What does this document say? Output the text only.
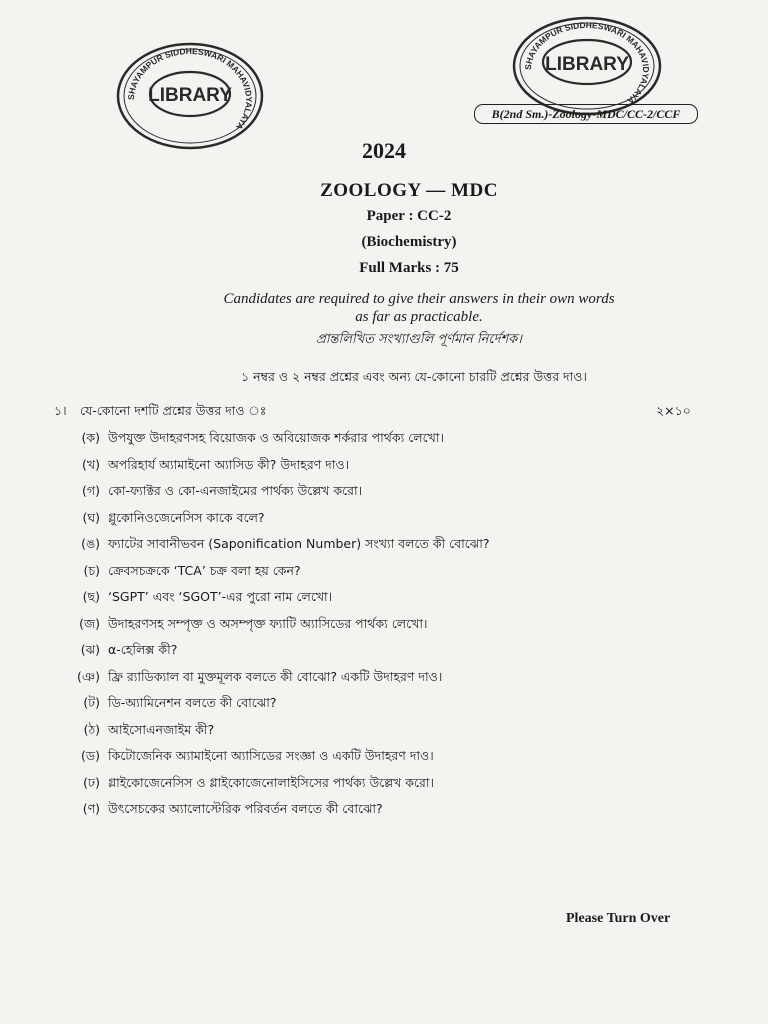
SHAYAMPUR SIDDHESWARI MAHAVIDYALAYA
LIBRARY
SHAYAMPUR SIDDHESWARI MAHAVIDYALAYA
LIBRARY
B(2nd Sm.)-Zoology-MDC/CC-2/CCF
2024
ZOOLOGY — MDC
Paper : CC-2
(Biochemistry)
Full Marks : 75
Candidates are required to give their answers in their own words
as far as practicable.
প্রান্তলিখিত সংখ্যাগুলি পূর্ণমান নির্দেশক।
১ নম্বর ও ২ নম্বর প্রশ্নের এবং অন্য যে-কোনো চারটি প্রশ্নের উত্তর দাও।
১। যে-কোনো দশটি প্রশ্নের উত্তর দাও ঃ	২×১০
(ক) উপযুক্ত উদাহরণসহ বিয়োজক ও অবিয়োজক শর্করার পার্থক্য লেখো।
(খ) অপরিহার্য অ্যামাইনো অ্যাসিড কী? উদাহরণ দাও।
(গ) কো-ফ্যাক্টর ও কো-এনজাইমের পার্থক্য উল্লেখ করো।
(ঘ) গ্লুকোনিওজেনেসিস কাকে বলে?
(ঙ) ফ্যাটের সাবানীভবন (Saponification Number) সংখ্যা বলতে কী বোঝো?
(চ) ক্রেবসচক্রকে ‘TCA’ চক্র বলা হয় কেন?
(ছ) ‘SGPT’ এবং ‘SGOT’-এর পুরো নাম লেখো।
(জ) উদাহরণসহ সম্পৃক্ত ও অসম্পৃক্ত ফ্যাটি অ্যাসিডের পার্থক্য লেখো।
(ঝ) α-হেলিক্স কী?
(ঞ) ফ্রি র‍্যাডিক্যাল বা মুক্তমূলক বলতে কী বোঝো? একটি উদাহরণ দাও।
(ট) ডি-অ্যামিনেশন বলতে কী বোঝো?
(ঠ) আইসোএনজাইম কী?
(ড) কিটোজেনিক অ্যামাইনো অ্যাসিডের সংজ্ঞা ও একটি উদাহরণ দাও।
(ঢ) গ্লাইকোজেনেসিস ও গ্লাইকোজেনোলাইসিসের পার্থক্য উল্লেখ করো।
(ণ) উৎসেচকের অ্যালোস্টেরিক পরিবর্তন বলতে কী বোঝো?
Please Turn Over
